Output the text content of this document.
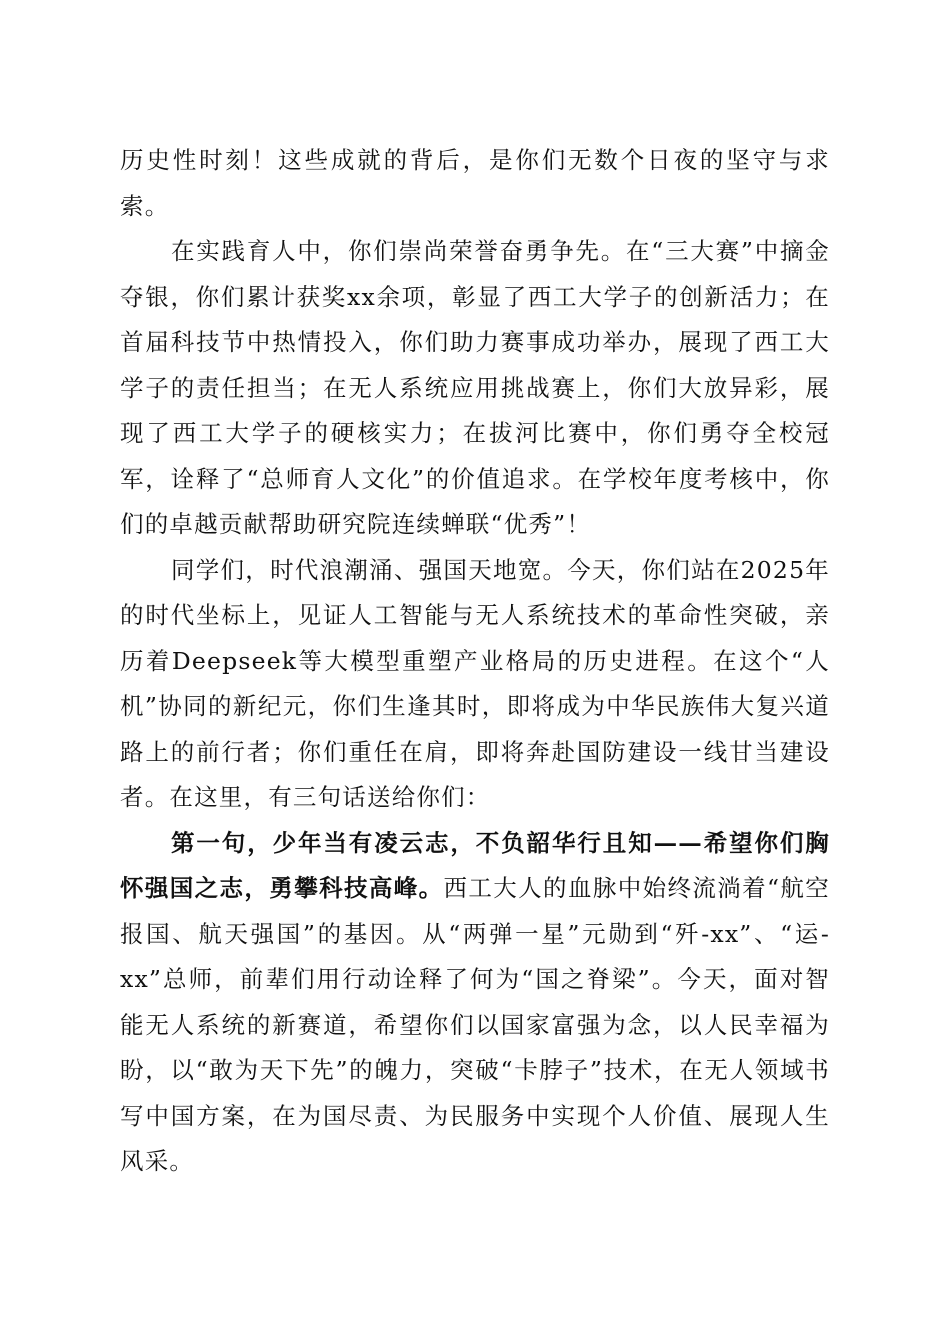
历史性时刻！这些成就的背后，是你们无数个日夜的坚守与求索。

在实践育人中，你们崇尚荣誉奋勇争先。在“三大赛”中摘金夺银，你们累计获奖xx余项，彰显了西工大学子的创新活力；在首届科技节中热情投入，你们助力赛事成功举办，展现了西工大学子的责任担当；在无人系统应用挑战赛上，你们大放异彩，展现了西工大学子的硬核实力；在拔河比赛中，你们勇夺全校冠军，诠释了“总师育人文化”的价值追求。在学校年度考核中，你们的卓越贡献帮助研究院连续蝉联“优秀”！

同学们，时代浪潮涌、强国天地宽。今天，你们站在2025年的时代坐标上，见证人工智能与无人系统技术的革命性突破，亲历着Deepseek等大模型重塑产业格局的历史进程。在这个“人机”协同的新纪元，你们生逢其时，即将成为中华民族伟大复兴道路上的前行者；你们重任在肩，即将奔赴国防建设一线甘当建设者。在这里，有三句话送给你们：

第一句，少年当有凌云志，不负韶华行且知——希望你们胸怀强国之志，勇攀科技高峰。西工大人的血脉中始终流淌着“航空报国、航天强国”的基因。从“两弹一星”元勋到“歼-xx”、“运-xx”总师，前辈们用行动诠释了何为“国之脊梁”。今天，面对智能无人系统的新赛道，希望你们以国家富强为念，以人民幸福为盼，以“敢为天下先”的魄力，突破“卡脖子”技术，在无人领域书写中国方案，在为国尽责、为民服务中实现个人价值、展现人生风采。
